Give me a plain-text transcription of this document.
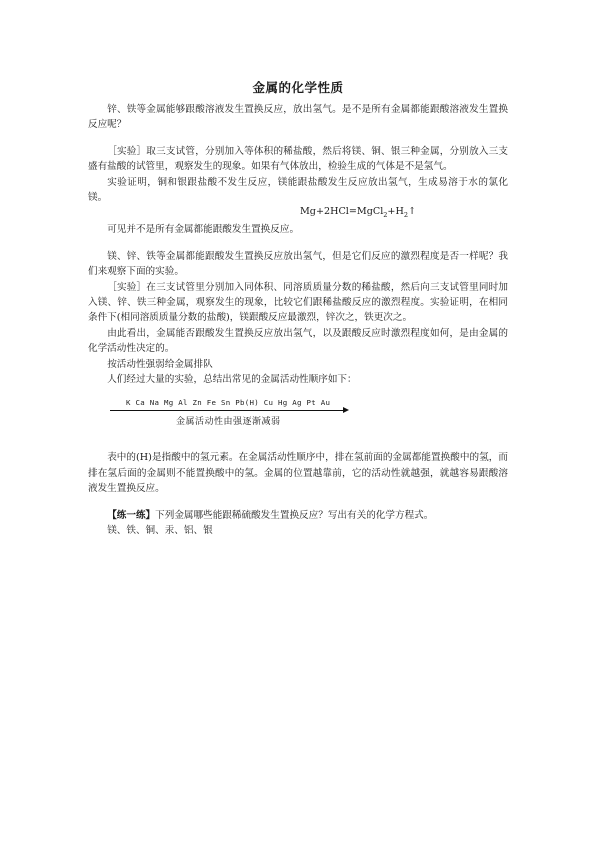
金属的化学性质

锌、铁等金属能够跟酸溶液发生置换反应，放出氢气。是不是所有金属都能跟酸溶液发生置换反应呢？

［实验］取三支试管，分别加入等体积的稀盐酸，然后将镁、铜、银三种金属，分别放入三支盛有盐酸的试管里，观察发生的现象。如果有气体放出，检验生成的气体是不是氢气。

实验证明，铜和银跟盐酸不发生反应，镁能跟盐酸发生反应放出氢气，生成易溶于水的氯化镁。

$Mg+2HCl=MgCl_2+H_2↑$

可见并不是所有金属都能跟酸发生置换反应。

镁、锌、铁等金属都能跟酸发生置换反应放出氢气，但是它们反应的激烈程度是否一样呢？我们来观察下面的实验。

［实验］在三支试管里分别加入同体积、同溶质质量分数的稀盐酸，然后向三支试管里同时加入镁、锌、铁三种金属，观察发生的现象，比较它们跟稀盐酸反应的激烈程度。实验证明，在相同条件下(相同溶质质量分数的盐酸)，镁跟酸反应最激烈，锌次之，铁更次之。

由此看出，金属能否跟酸发生置换反应放出氢气，以及跟酸反应时激烈程度如何，是由金属的化学活动性决定的。

按活动性强弱给金属排队

人们经过大量的实验，总结出常见的金属活动性顺序如下：

K Ca Na Mg Al Zn Fe Sn Pb(H) Cu Hg Ag Pt Au
金属活动性由强逐渐减弱

表中的(H)是指酸中的氢元素。在金属活动性顺序中，排在氢前面的金属都能置换酸中的氢，而排在氢后面的金属则不能置换酸中的氢。金属的位置越靠前，它的活动性就越强，就越容易跟酸溶液发生置换反应。

【练一练】下列金属哪些能跟稀硫酸发生置换反应？写出有关的化学方程式。

镁、铁、铜、汞、铝、银
